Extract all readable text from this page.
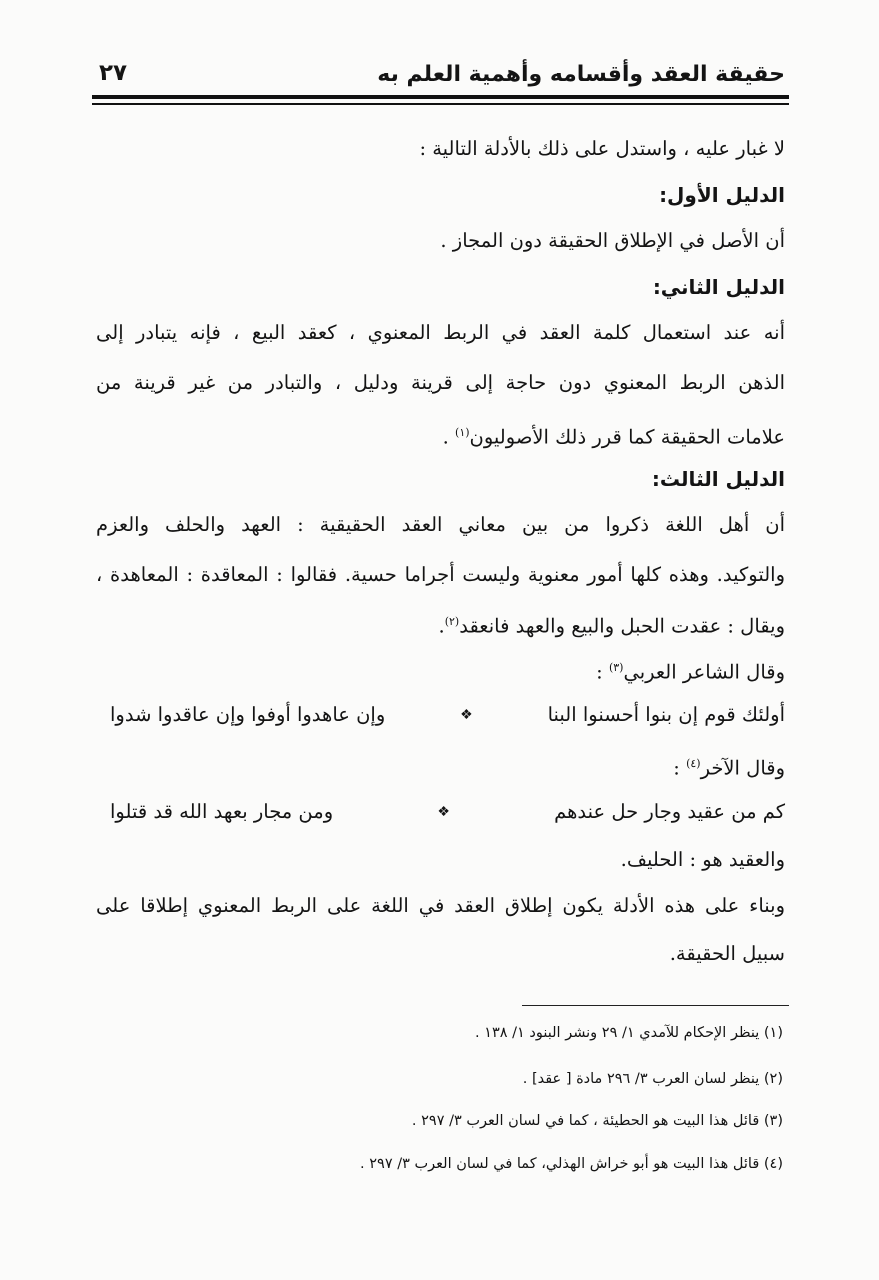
حقيقة العقد وأقسامه وأهمية العلم به
٢٧
لا غبار عليه ، واستدل على ذلك بالأدلة التالية :
الدليل الأول:
أن الأصل في الإطلاق الحقيقة دون المجاز .
الدليل الثاني:
أنه عند استعمال كلمة العقد في الربط المعنوي ، كعقد البيع ، فإنه يتبادر إلى
الذهن الربط المعنوي دون حاجة إلى قرينة ودليل ، والتبادر من غير قرينة من
علامات الحقيقة كما قرر ذلك الأصوليون$^{(١)}$ .
الدليل الثالث:
أن أهل اللغة ذكروا من بين معاني العقد الحقيقية : العهد والحلف والعزم
والتوكيد. وهذه كلها أمور معنوية وليست أجراما حسية. فقالوا : المعاقدة : المعاهدة ،
ويقال : عقدت الحبل والبيع والعهد فانعقد$^{(٢)}$.
وقال الشاعر العربي$^{(٣)}$ :
أولئك قوم إن بنوا أحسنوا البنا
❖
وإن عاهدوا أوفوا وإن عاقدوا شدوا
وقال الآخر$^{(٤)}$ :
كم من عقيد وجار حل عندهم
❖
ومن مجار بعهد الله قد قتلوا
والعقيد هو : الحليف.
وبناء على هذه الأدلة يكون إطلاق العقد في اللغة على الربط المعنوي إطلاقا على
سبيل الحقيقة.
(١) ينظر الإحكام للآمدي ١/ ٢٩ ونشر البنود ١/ ١٣٨ .
(٢) ينظر لسان العرب ٣/ ٢٩٦ مادة [ عقد] .
(٣) قائل هذا البيت هو الحطيئة ، كما في لسان العرب ٣/ ٢٩٧ .
(٤) قائل هذا البيت هو أبو خراش الهذلي، كما في لسان العرب ٣/ ٢٩٧ .
